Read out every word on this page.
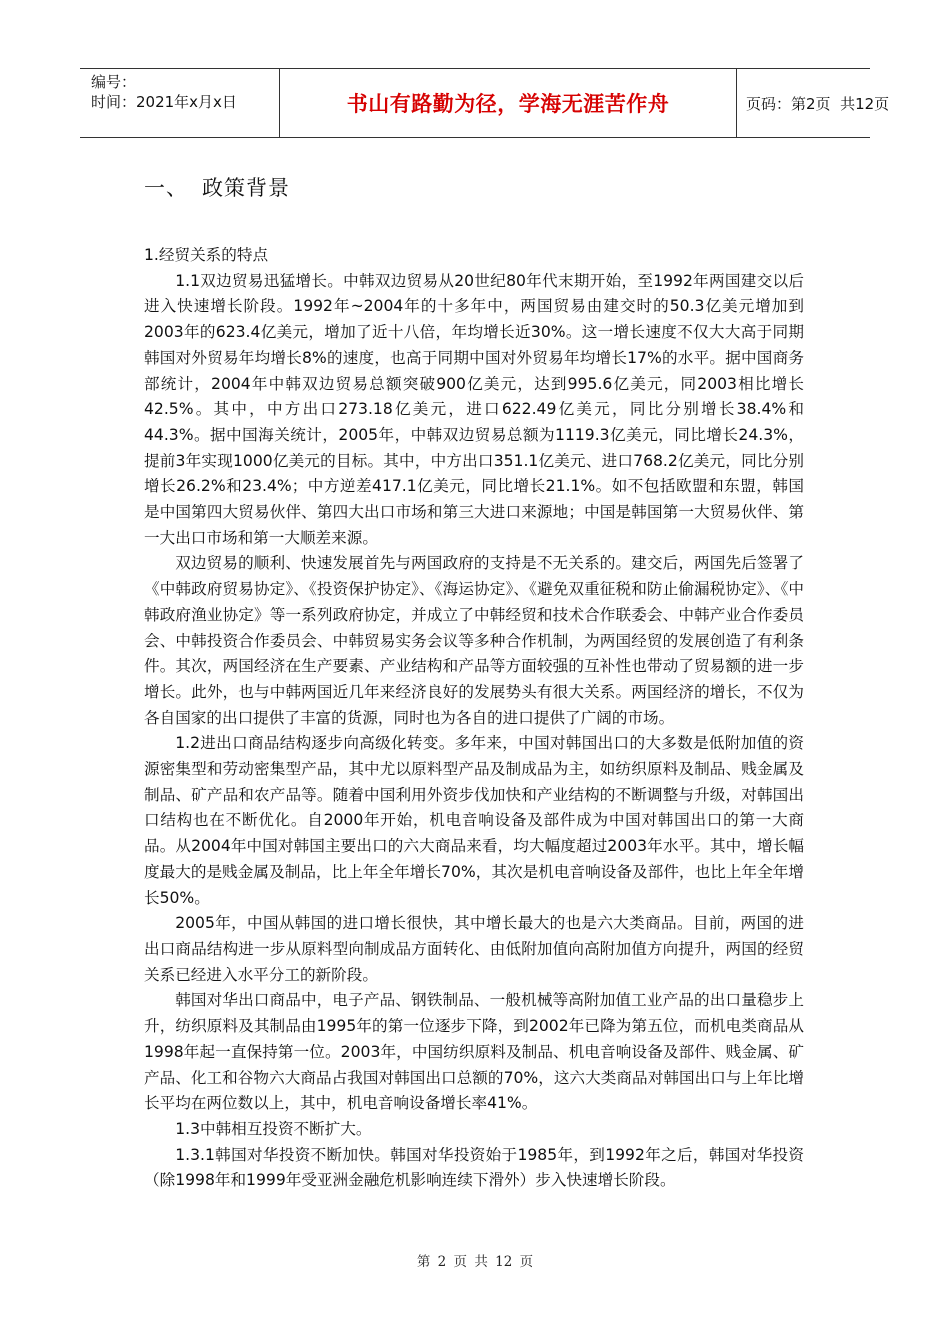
编号：
时间：2021年x月x日	书山有路勤为径，学海无涯苦作舟	页码：第2页  共12页
一、 政策背景

1.经贸关系的特点

1.1双边贸易迅猛增长。中韩双边贸易从20世纪80年代末期开始，至1992年两国建交以后进入快速增长阶段。1992年~2004年的十多年中，两国贸易由建交时的50.3亿美元增加到2003年的623.4亿美元，增加了近十八倍，年均增长近30%。这一增长速度不仅大大高于同期韩国对外贸易年均增长8%的速度，也高于同期中国对外贸易年均增长17%的水平。据中国商务部统计，2004年中韩双边贸易总额突破900亿美元，达到995.6亿美元，同2003相比增长42.5%。其中，中方出口273.18亿美元，进口622.49亿美元，同比分别增长38.4%和44.3%。据中国海关统计，2005年，中韩双边贸易总额为1119.3亿美元，同比增长24.3%，提前3年实现1000亿美元的目标。其中，中方出口351.1亿美元、进口768.2亿美元，同比分别增长26.2%和23.4%；中方逆差417.1亿美元，同比增长21.1%。如不包括欧盟和东盟，韩国是中国第四大贸易伙伴、第四大出口市场和第三大进口来源地；中国是韩国第一大贸易伙伴、第一大出口市场和第一大顺差来源。

双边贸易的顺利、快速发展首先与两国政府的支持是不无关系的。建交后，两国先后签署了《中韩政府贸易协定》、《投资保护协定》、《海运协定》、《避免双重征税和防止偷漏税协定》、《中韩政府渔业协定》等一系列政府协定，并成立了中韩经贸和技术合作联委会、中韩产业合作委员会、中韩投资合作委员会、中韩贸易实务会议等多种合作机制，为两国经贸的发展创造了有利条件。其次，两国经济在生产要素、产业结构和产品等方面较强的互补性也带动了贸易额的进一步增长。此外，也与中韩两国近几年来经济良好的发展势头有很大关系。两国经济的增长，不仅为各自国家的出口提供了丰富的货源，同时也为各自的进口提供了广阔的市场。

1.2进出口商品结构逐步向高级化转变。多年来，中国对韩国出口的大多数是低附加值的资源密集型和劳动密集型产品，其中尤以原料型产品及制成品为主，如纺织原料及制品、贱金属及制品、矿产品和农产品等。随着中国利用外资步伐加快和产业结构的不断调整与升级，对韩国出口结构也在不断优化。自2000年开始，机电音响设备及部件成为中国对韩国出口的第一大商品。从2004年中国对韩国主要出口的六大商品来看，均大幅度超过2003年水平。其中，增长幅度最大的是贱金属及制品，比上年全年增长70%，其次是机电音响设备及部件，也比上年全年增长50%。

2005年，中国从韩国的进口增长很快，其中增长最大的也是六大类商品。目前，两国的进出口商品结构进一步从原料型向制成品方面转化、由低附加值向高附加值方向提升，两国的经贸关系已经进入水平分工的新阶段。

韩国对华出口商品中，电子产品、钢铁制品、一般机械等高附加值工业产品的出口量稳步上升，纺织原料及其制品由1995年的第一位逐步下降，到2002年已降为第五位，而机电类商品从1998年起一直保持第一位。2003年，中国纺织原料及制品、机电音响设备及部件、贱金属、矿产品、化工和谷物六大商品占我国对韩国出口总额的70%，这六大类商品对韩国出口与上年比增长平均在两位数以上，其中，机电音响设备增长率41%。

1.3中韩相互投资不断扩大。

1.3.1韩国对华投资不断加快。韩国对华投资始于1985年，到1992年之后，韩国对华投资（除1998年和1999年受亚洲金融危机影响连续下滑外）步入快速增长阶段。

第 2 页 共 12 页
